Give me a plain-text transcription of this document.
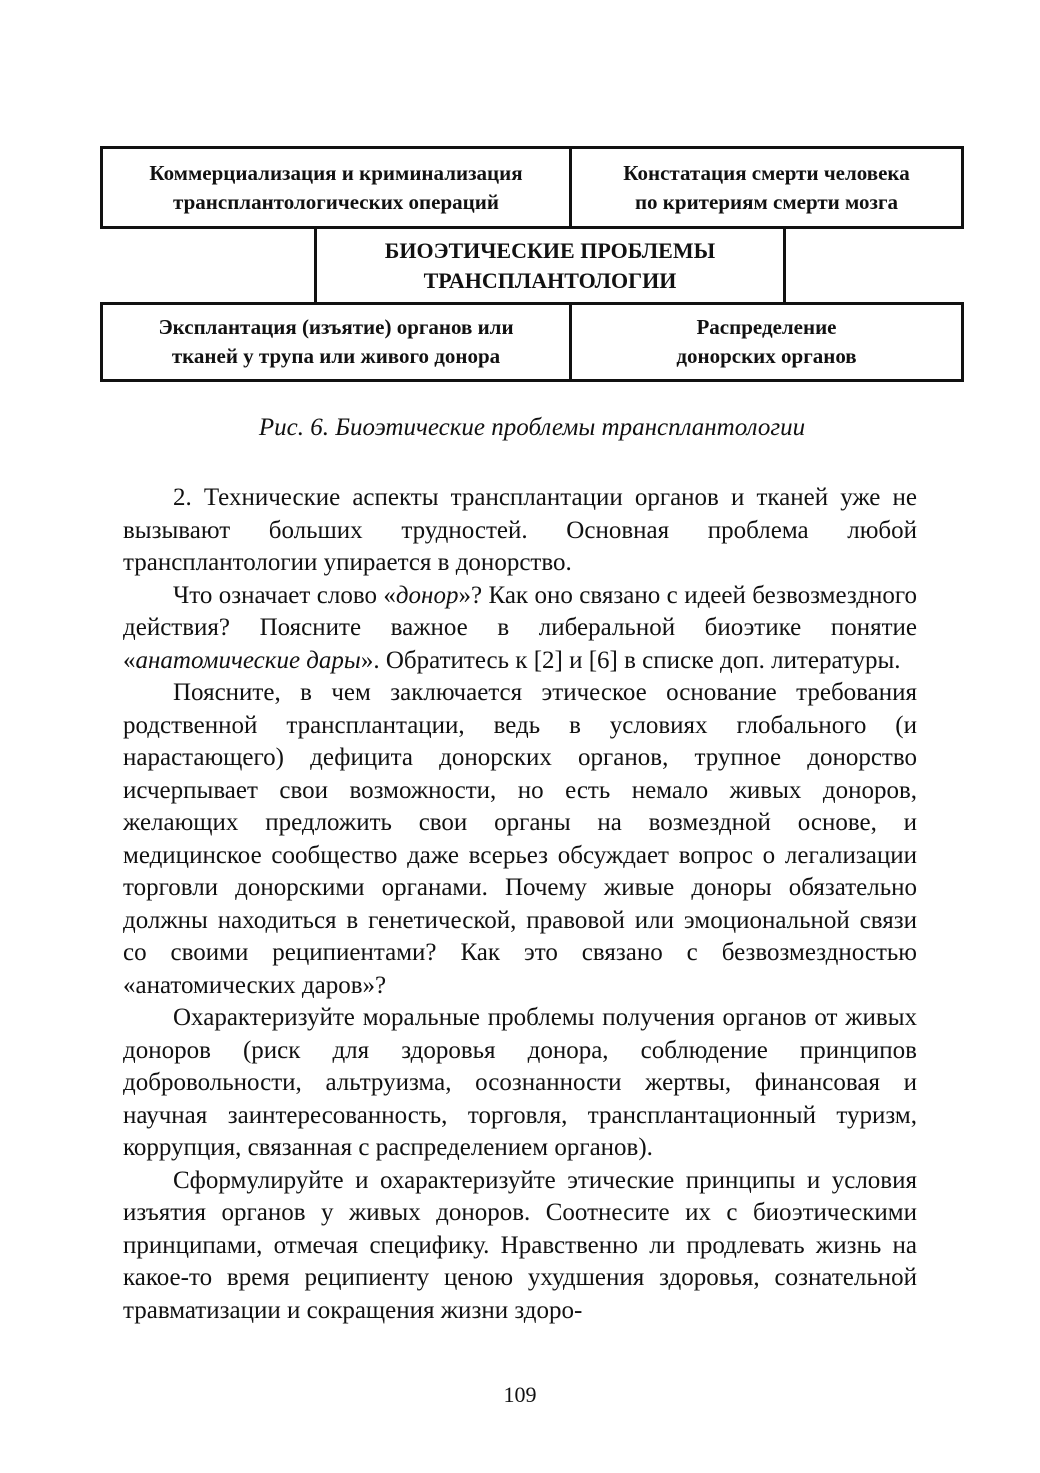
Коммерциализация и криминализация
трансплантологических операций
Констатация смерти человека
по критериям смерти мозга
БИОЭТИЧЕСКИЕ ПРОБЛЕМЫ
ТРАНСПЛАНТОЛОГИИ
Эксплантация (изъятие) органов или
тканей у трупа или живого донора
Распределение
донорских органов
Рис. 6. Биоэтические проблемы трансплантологии

2. Технические аспекты трансплантации органов и тканей уже не вызывают больших трудностей. Основная проблема любой трансплантологии упирается в донорство.

Что означает слово «донор»? Как оно связано с идеей безвозмездного действия? Поясните важное в либеральной биоэтике понятие «анатомические дары». Обратитесь к [2] и [6] в списке доп. литературы.

Поясните, в чем заключается этическое основание требования родственной трансплантации, ведь в условиях глобального (и нарастающего) дефицита донорских органов, трупное донорство исчерпывает свои возможности, но есть немало живых доноров, желающих предложить свои органы на возмездной основе, и медицинское сообщество даже всерьез обсуждает вопрос о легализации торговли донорскими органами. Почему живые доноры обязательно должны находиться в генетической, правовой или эмоциональной связи со своими реципиентами? Как это связано с безвозмездностью «анатомических даров»?

Охарактеризуйте моральные проблемы получения органов от живых доноров (риск для здоровья донора, соблюдение принципов добровольности, альтруизма, осознанности жертвы, финансовая и научная заинтересованность, торговля, трансплантационный туризм, коррупция, связанная с распределением органов).

Сформулируйте и охарактеризуйте этические принципы и условия изъятия органов у живых доноров. Соотнесите их с биоэтическими принципами, отмечая специфику. Нравственно ли продлевать жизнь на какое-то время реципиенту ценою ухудшения здоровья, сознательной травматизации и сокращения жизни здоро-

109
